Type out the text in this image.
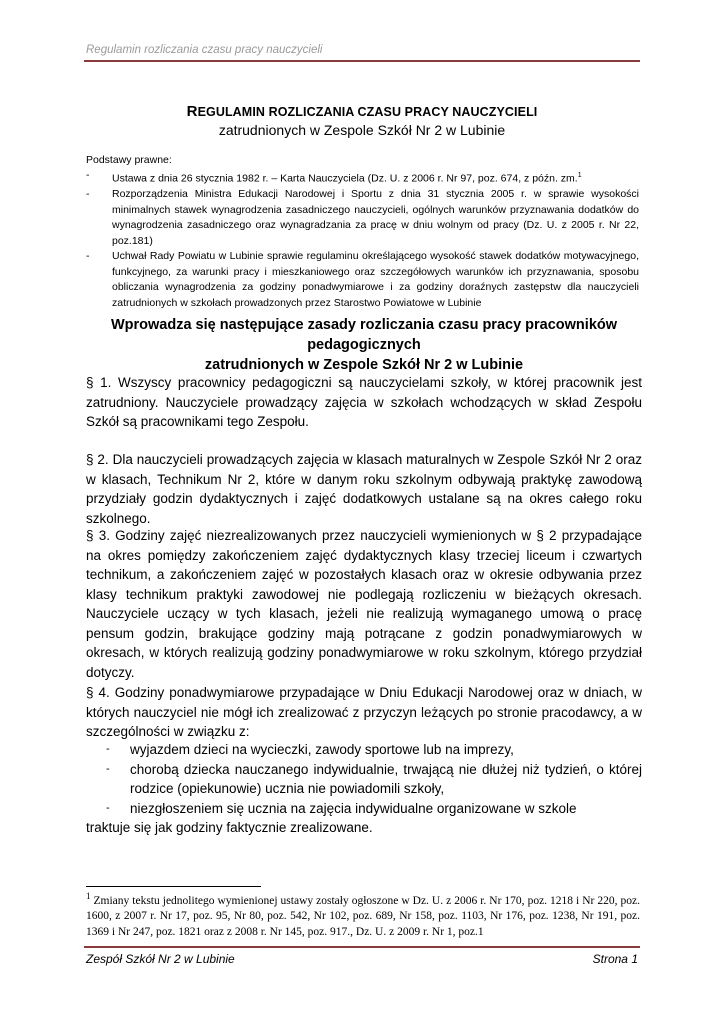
Regulamin rozliczania czasu pracy nauczycieli
REGULAMIN ROZLICZANIA CZASU PRACY NAUCZYCIELI
zatrudnionych w Zespole Szkół Nr 2 w Lubinie
Podstawy prawne:
- Ustawa z dnia 26 stycznia 1982 r. – Karta Nauczyciela (Dz. U. z 2006 r. Nr 97, poz. 674, z późn. zm.$^1$
- Rozporządzenia Ministra Edukacji Narodowej i Sportu z dnia 31 stycznia 2005 r. w sprawie wysokości minimalnych stawek wynagrodzenia zasadniczego nauczycieli, ogólnych warunków przyznawania dodatków do wynagrodzenia zasadniczego oraz wynagradzania za pracę w dniu wolnym od pracy (Dz. U. z 2005 r. Nr 22, poz.181)
- Uchwał Rady Powiatu w Lubinie sprawie regulaminu określającego wysokość stawek dodatków motywacyjnego, funkcyjnego, za warunki pracy i mieszkaniowego oraz szczegółowych warunków ich przyznawania, sposobu obliczania wynagrodzenia za godziny ponadwymiarowe i za godziny doraźnych zastępstw dla nauczycieli zatrudnionych w szkołach prowadzonych przez Starostwo Powiatowe w Lubinie
Wprowadza się następujące zasady rozliczania czasu pracy pracowników pedagogicznych
zatrudnionych w Zespole Szkół Nr 2 w Lubinie

§ 1. Wszyscy pracownicy pedagogiczni są nauczycielami szkoły, w której pracownik jest zatrudniony. Nauczyciele prowadzący zajęcia w szkołach wchodzących w skład Zespołu Szkół są pracownikami tego Zespołu.

§ 2. Dla nauczycieli prowadzących zajęcia w klasach maturalnych w Zespole Szkół Nr 2 oraz w klasach, Technikum Nr 2, które w danym roku szkolnym odbywają praktykę zawodową przydziały godzin dydaktycznych i zajęć dodatkowych ustalane są na okres całego roku szkolnego.

§ 3. Godziny zajęć niezrealizowanych przez nauczycieli wymienionych w § 2 przypadające na okres pomiędzy zakończeniem zajęć dydaktycznych klasy trzeciej liceum i czwartych technikum, a zakończeniem zajęć w pozostałych klasach oraz w okresie odbywania przez klasy technikum praktyki zawodowej nie podlegają rozliczeniu w bieżących okresach. Nauczyciele uczący w tych klasach, jeżeli nie realizują wymaganego umową o pracę pensum godzin, brakujące godziny mają potrącane z godzin ponadwymiarowych w okresach, w których realizują godziny ponadwymiarowe w roku szkolnym, którego przydział dotyczy.

§ 4. Godziny ponadwymiarowe przypadające w Dniu Edukacji Narodowej oraz w dniach, w których nauczyciel nie mógł ich zrealizować z przyczyn leżących po stronie pracodawcy, a w szczególności w związku z:

- wyjazdem dzieci na wycieczki, zawody sportowe lub na imprezy,
- chorobą dziecka nauczanego indywidualnie, trwającą nie dłużej niż tydzień, o której rodzice (opiekunowie) ucznia nie powiadomili szkoły,
- niezgłoszeniem się ucznia na zajęcia indywidualne organizowane w szkole
traktuje się jak godziny faktycznie zrealizowane.

$^1$ Zmiany tekstu jednolitego wymienionej ustawy zostały ogłoszone w Dz. U. z 2006 r. Nr 170, poz. 1218 i Nr 220, poz. 1600, z 2007 r. Nr 17, poz. 95, Nr 80, poz. 542, Nr 102, poz. 689, Nr 158, poz. 1103, Nr 176, poz. 1238, Nr 191, poz. 1369 i Nr 247, poz. 1821 oraz z 2008 r. Nr 145, poz. 917., Dz. U. z 2009 r. Nr 1, poz.1

Zespół Szkół Nr 2 w Lubinie	Strona 1
